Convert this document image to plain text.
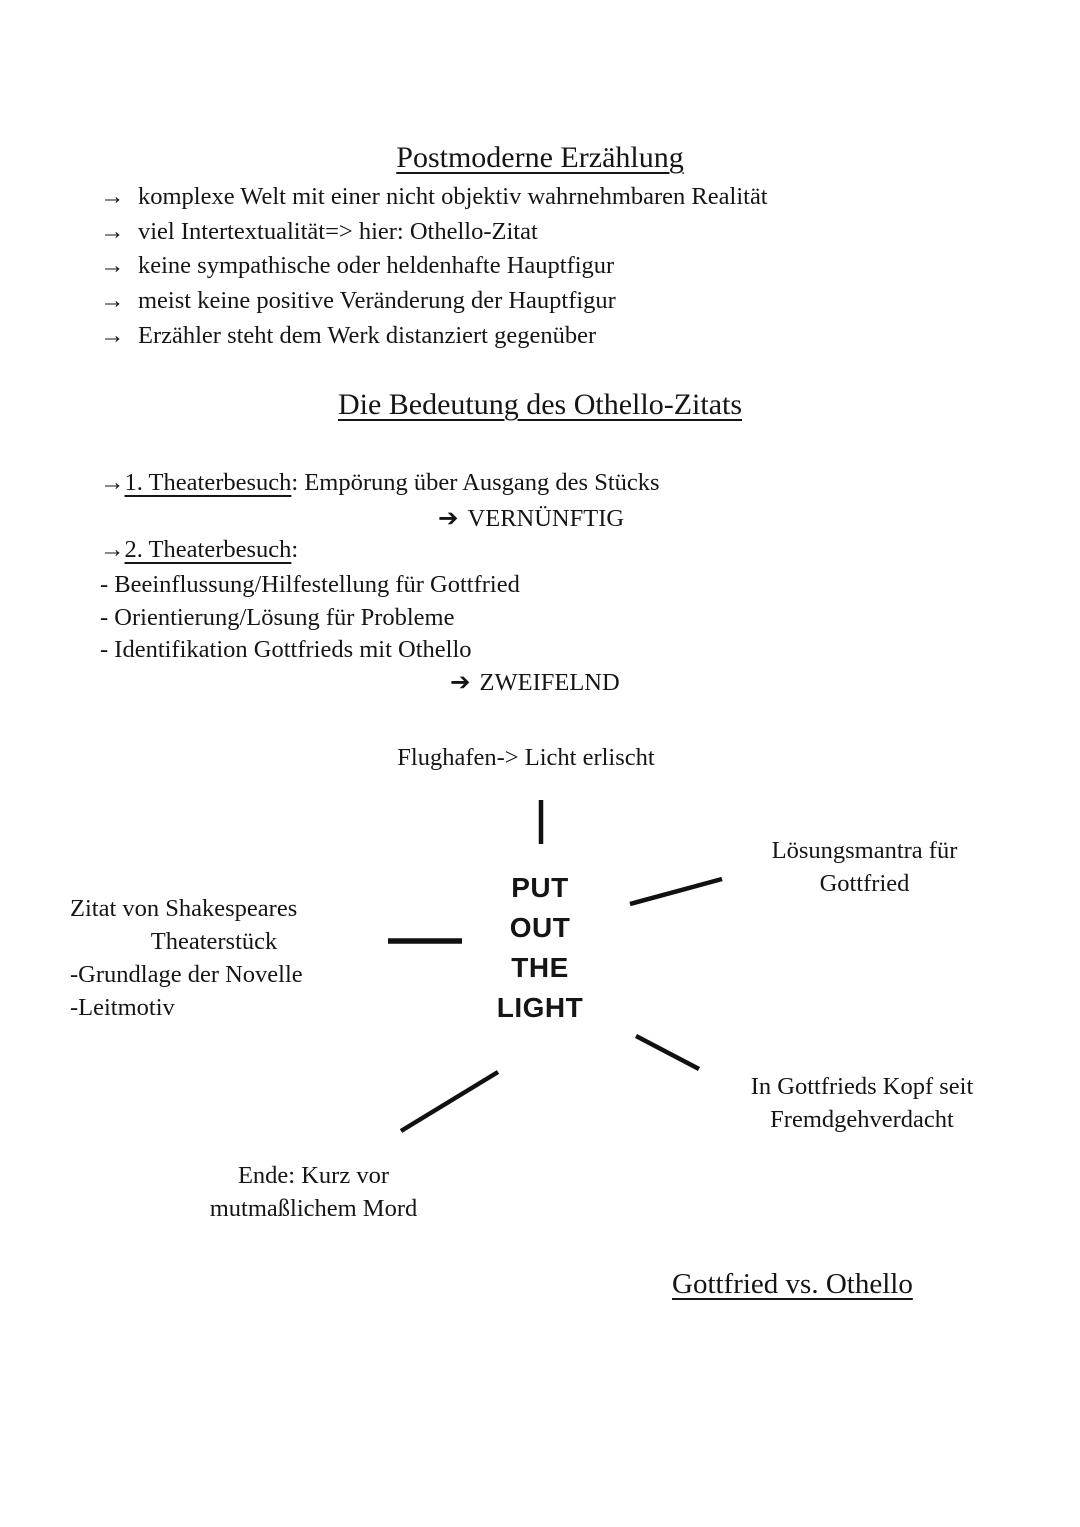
Postmoderne Erzählung
→ komplexe Welt mit einer nicht objektiv wahrnehmbaren Realität
→ viel Intertextualität=> hier: Othello-Zitat
→ keine sympathische oder heldenhafte Hauptfigur
→ meist keine positive Veränderung der Hauptfigur
→ Erzähler steht dem Werk distanziert gegenüber
Die Bedeutung des Othello-Zitats
→1. Theaterbesuch: Empörung über Ausgang des Stücks
➔ VERNÜNFTIG
→2. Theaterbesuch:
- Beeinflussung/Hilfestellung für Gottfried
- Orientierung/Lösung für Probleme
- Identifikation Gottfrieds mit Othello
➔ ZWEIFELND
Flughafen-> Licht erlischt
PUT
OUT
THE
LIGHT
Zitat von Shakespeares
Theaterstück
-Grundlage der Novelle
-Leitmotiv
Lösungsmantra für
Gottfried
In Gottfrieds Kopf seit
Fremdgehverdacht
Ende: Kurz vor
mutmaßlichem Mord
Gottfried vs. Othello
